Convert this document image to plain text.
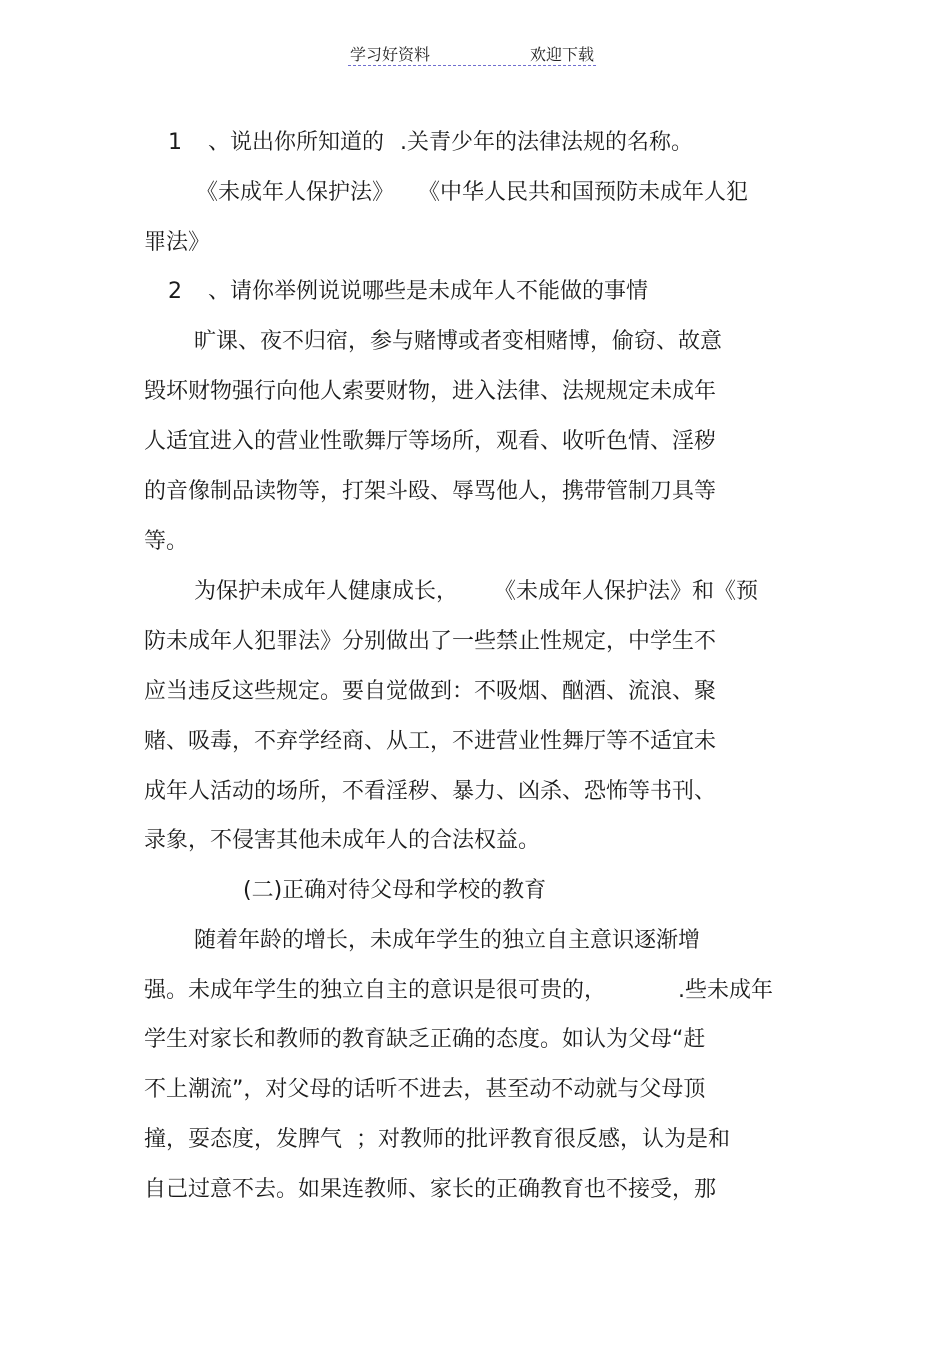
学习好资料	欢迎下载
1 、说出你所知道的 .关青少年的法律法规的名称。
《未成年人保护法》 《中华人民共和国预防未成年人犯
罪法》
2 、请你举例说说哪些是未成年人不能做的事情
旷课、夜不归宿，参与赌博或者变相赌博，偷窃、故意
毁坏财物强行向他人索要财物，进入法律、法规规定未成年
人适宜进入的营业性歌舞厅等场所，观看、收听色情、淫秽
的音像制品读物等，打架斗殴、辱骂他人，携带管制刀具等
等。
为保护未成年人健康成长， 《未成年人保护法》和《预
防未成年人犯罪法》分别做出了一些禁止性规定，中学生不
应当违反这些规定。要自觉做到：不吸烟、酗酒、流浪、聚
赌、吸毒，不弃学经商、从工，不进营业性舞厅等不适宜未
成年人活动的场所，不看淫秽、暴力、凶杀、恐怖等书刊、
录象，不侵害其他未成年人的合法权益。
(二)正确对待父母和学校的教育
随着年龄的增长，未成年学生的独立自主意识逐渐增
强。未成年学生的独立自主的意识是很可贵的，	.些未成年
学生对家长和教师的教育缺乏正确的态度。如认为父母“赶
不上潮流”，对父母的话听不进去，甚至动不动就与父母顶
撞，耍态度，发脾气 ；对教师的批评教育很反感，认为是和
自己过意不去。如果连教师、家长的正确教育也不接受，那
